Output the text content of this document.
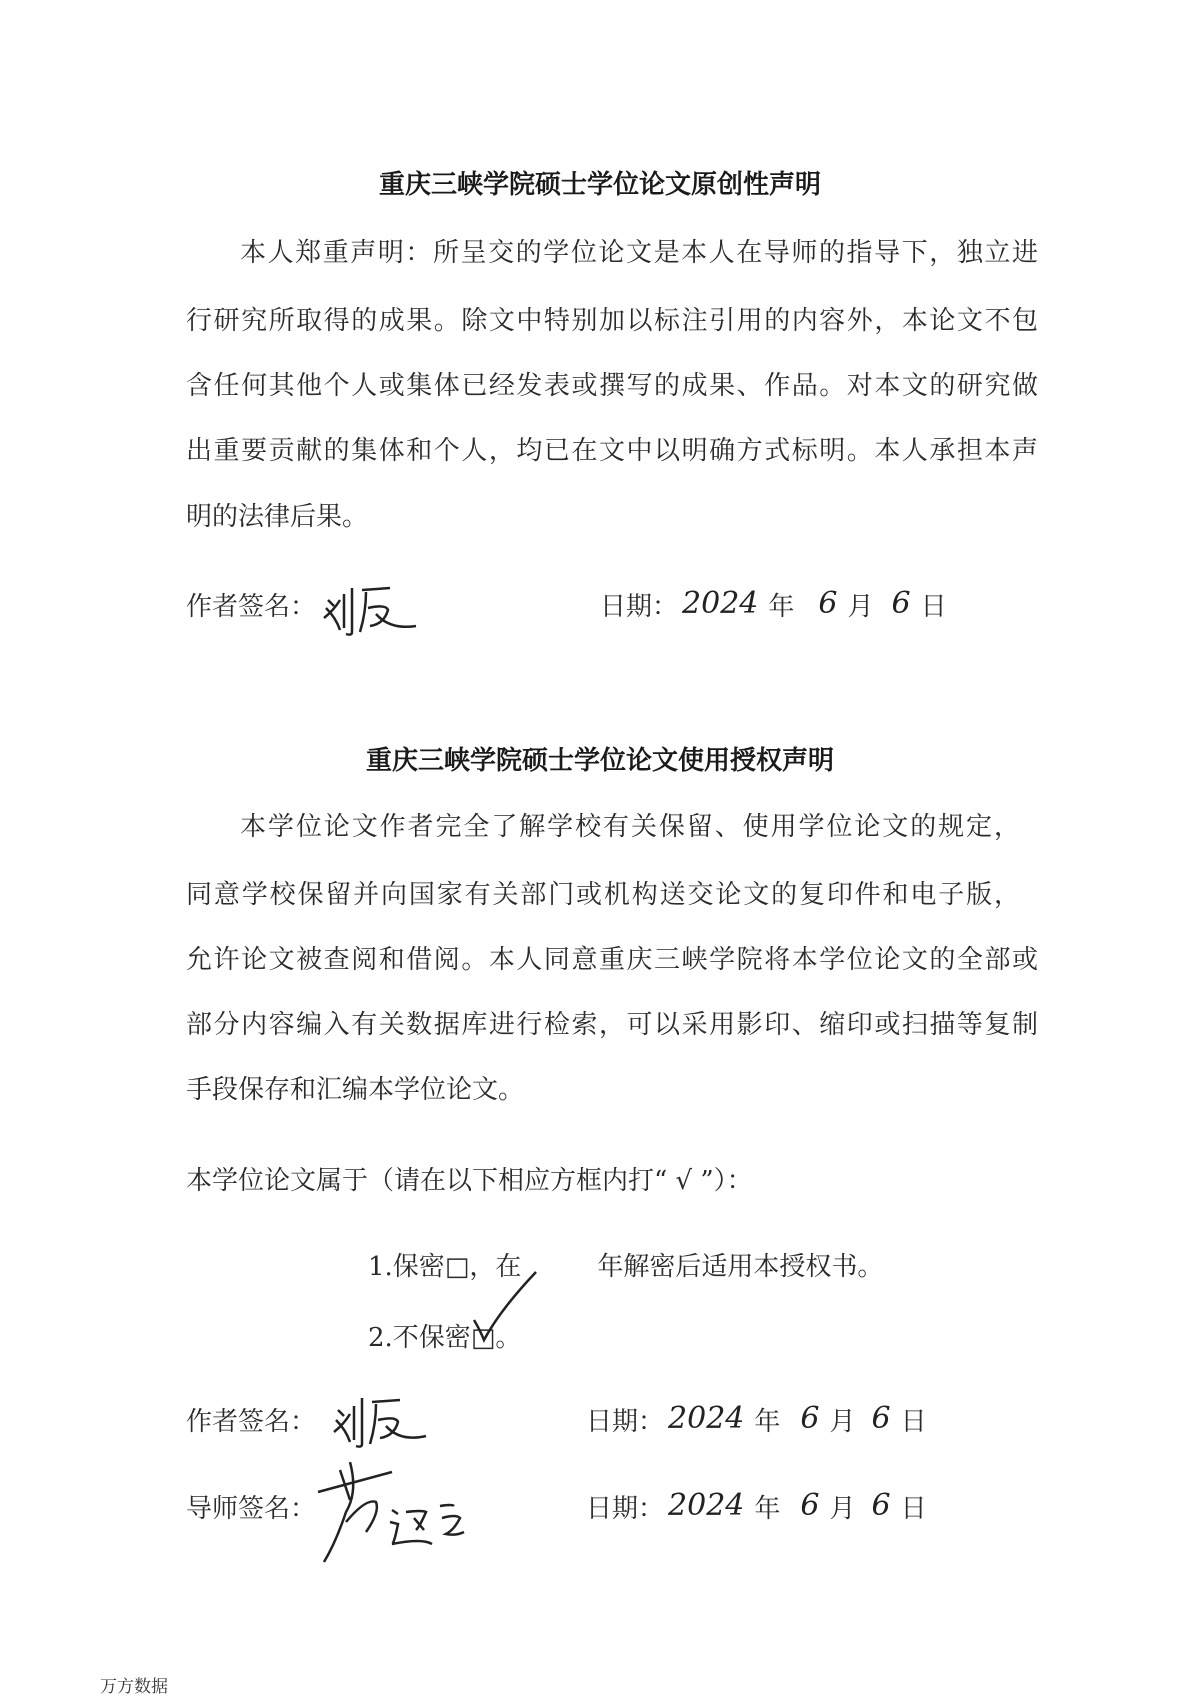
重庆三峡学院硕士学位论文原创性声明
本人郑重声明：所呈交的学位论文是本人在导师的指导下，独立进
行研究所取得的成果。除文中特别加以标注引用的内容外，本论文不包
含任何其他个人或集体已经发表或撰写的成果、作品。对本文的研究做
出重要贡献的集体和个人，均已在文中以明确方式标明。本人承担本声
明的法律后果。
作者签名：	日期： 2024 年 6 月 6 日
重庆三峡学院硕士学位论文使用授权声明
本学位论文作者完全了解学校有关保留、使用学位论文的规定，
同意学校保留并向国家有关部门或机构送交论文的复印件和电子版，
允许论文被查阅和借阅。本人同意重庆三峡学院将本学位论文的全部或
部分内容编入有关数据库进行检索，可以采用影印、缩印或扫描等复制
手段保存和汇编本学位论文。
本学位论文属于（请在以下相应方框内打“ √ ”）：
1.保密□，在	年解密后适用本授权书。
2.不保密□。
作者签名：	日期： 2024 年 6 月 6 日
导师签名：	日期： 2024 年 6 月 6 日
万方数据
